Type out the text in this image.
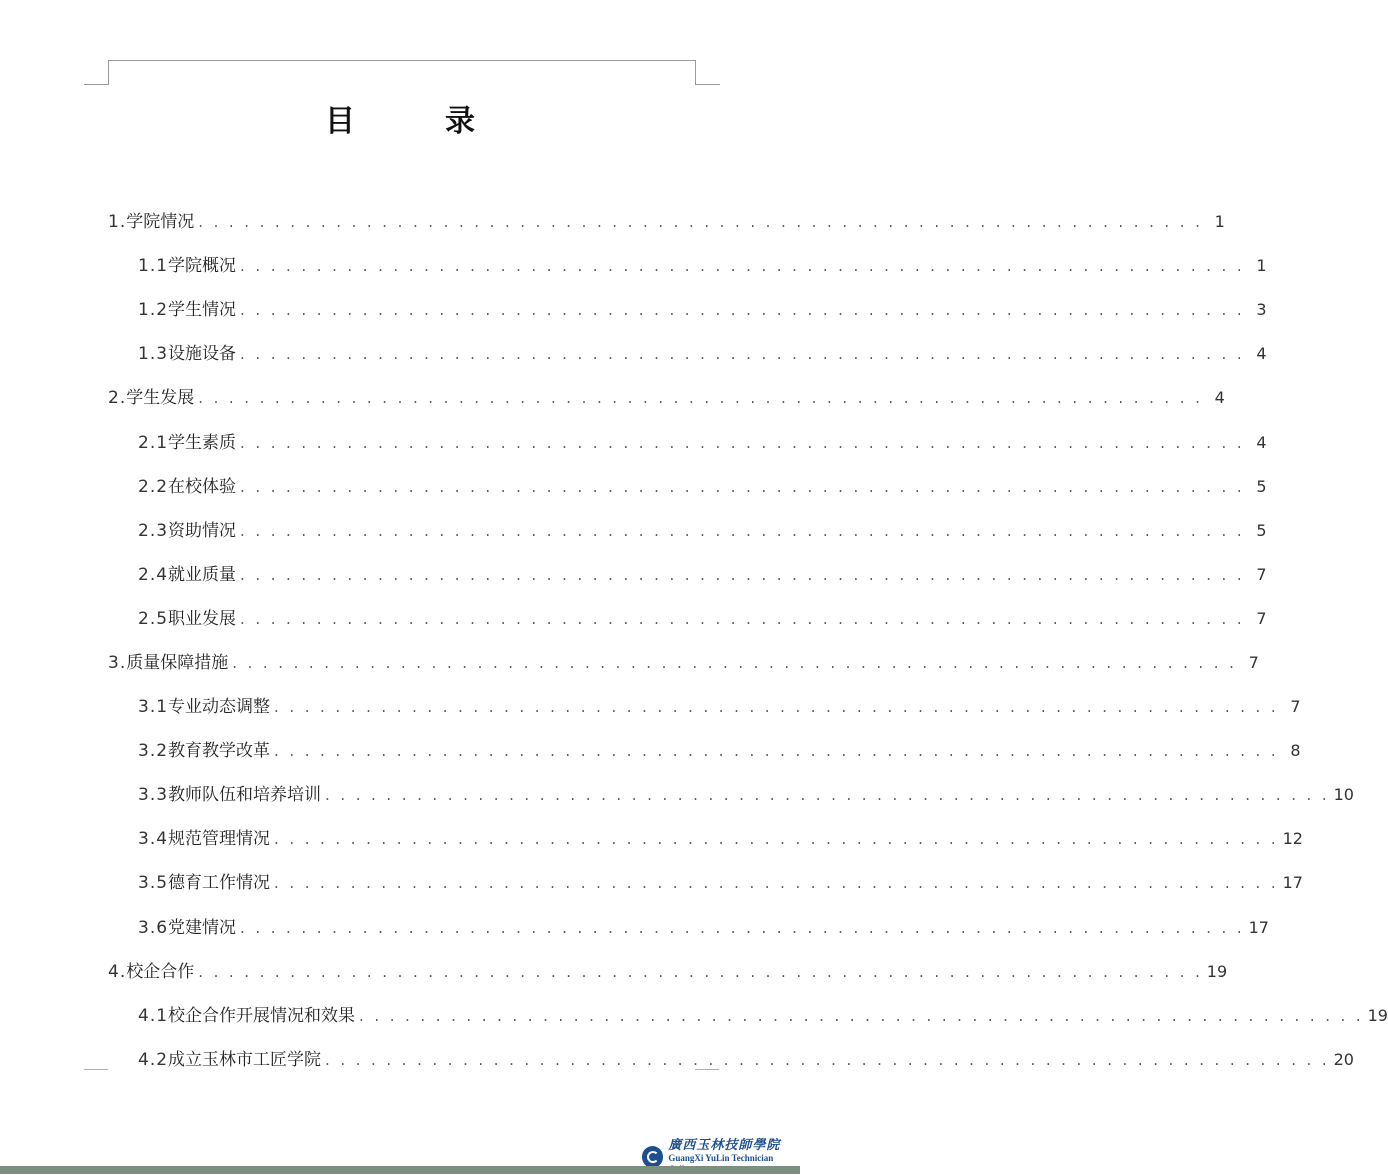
目　录
1.学院情况 . . . . . . . . . . . . . . . . . . . . . . . . . . . . . . . . . . . . . . . . . . . . . . . . . . . . . . . . . . . . . . . . . . 1
1.1学院概况 . . . . . . . . . . . . . . . . . . . . . . . . . . . . . . . . . . . . . . . . . . . . . . . . . . . . . . . . . . . . . . . . . . 1
1.2学生情况 . . . . . . . . . . . . . . . . . . . . . . . . . . . . . . . . . . . . . . . . . . . . . . . . . . . . . . . . . . . . . . . . . . 3
1.3设施设备 . . . . . . . . . . . . . . . . . . . . . . . . . . . . . . . . . . . . . . . . . . . . . . . . . . . . . . . . . . . . . . . . . . 4
2.学生发展 . . . . . . . . . . . . . . . . . . . . . . . . . . . . . . . . . . . . . . . . . . . . . . . . . . . . . . . . . . . . . . . . . . 4
2.1学生素质 . . . . . . . . . . . . . . . . . . . . . . . . . . . . . . . . . . . . . . . . . . . . . . . . . . . . . . . . . . . . . . . . . . 4
2.2在校体验 . . . . . . . . . . . . . . . . . . . . . . . . . . . . . . . . . . . . . . . . . . . . . . . . . . . . . . . . . . . . . . . . . . 5
2.3资助情况 . . . . . . . . . . . . . . . . . . . . . . . . . . . . . . . . . . . . . . . . . . . . . . . . . . . . . . . . . . . . . . . . . . 5
2.4就业质量 . . . . . . . . . . . . . . . . . . . . . . . . . . . . . . . . . . . . . . . . . . . . . . . . . . . . . . . . . . . . . . . . . . 7
2.5职业发展 . . . . . . . . . . . . . . . . . . . . . . . . . . . . . . . . . . . . . . . . . . . . . . . . . . . . . . . . . . . . . . . . . . 7
3.质量保障措施 . . . . . . . . . . . . . . . . . . . . . . . . . . . . . . . . . . . . . . . . . . . . . . . . . . . . . . . . . . . . . . . . . . 7
3.1专业动态调整 . . . . . . . . . . . . . . . . . . . . . . . . . . . . . . . . . . . . . . . . . . . . . . . . . . . . . . . . . . . . . . . . . . 7
3.2教育教学改革 . . . . . . . . . . . . . . . . . . . . . . . . . . . . . . . . . . . . . . . . . . . . . . . . . . . . . . . . . . . . . . . . . . 8
3.3教师队伍和培养培训 . . . . . . . . . . . . . . . . . . . . . . . . . . . . . . . . . . . . . . . . . . . . . . . . . . . . . . . . . . . . . . . . . . 10
3.4规范管理情况 . . . . . . . . . . . . . . . . . . . . . . . . . . . . . . . . . . . . . . . . . . . . . . . . . . . . . . . . . . . . . . . . . . 12
3.5德育工作情况 . . . . . . . . . . . . . . . . . . . . . . . . . . . . . . . . . . . . . . . . . . . . . . . . . . . . . . . . . . . . . . . . . . 17
3.6党建情况 . . . . . . . . . . . . . . . . . . . . . . . . . . . . . . . . . . . . . . . . . . . . . . . . . . . . . . . . . . . . . . . . . . 17
4.校企合作 . . . . . . . . . . . . . . . . . . . . . . . . . . . . . . . . . . . . . . . . . . . . . . . . . . . . . . . . . . . . . . . . . . 19
4.1校企合作开展情况和效果 . . . . . . . . . . . . . . . . . . . . . . . . . . . . . . . . . . . . . . . . . . . . . . . . . . . . . . . . . . . . . . . . . . 19
4.2成立玉林市工匠学院 . . . . . . . . . . . . . . . . . . . . . . . . . . . . . . . . . . . . . . . . . . . . . . . . . . . . . . . . . . . . . . . . . . 20
廣西玉林技師學院
GuangXi YuLin Technician
